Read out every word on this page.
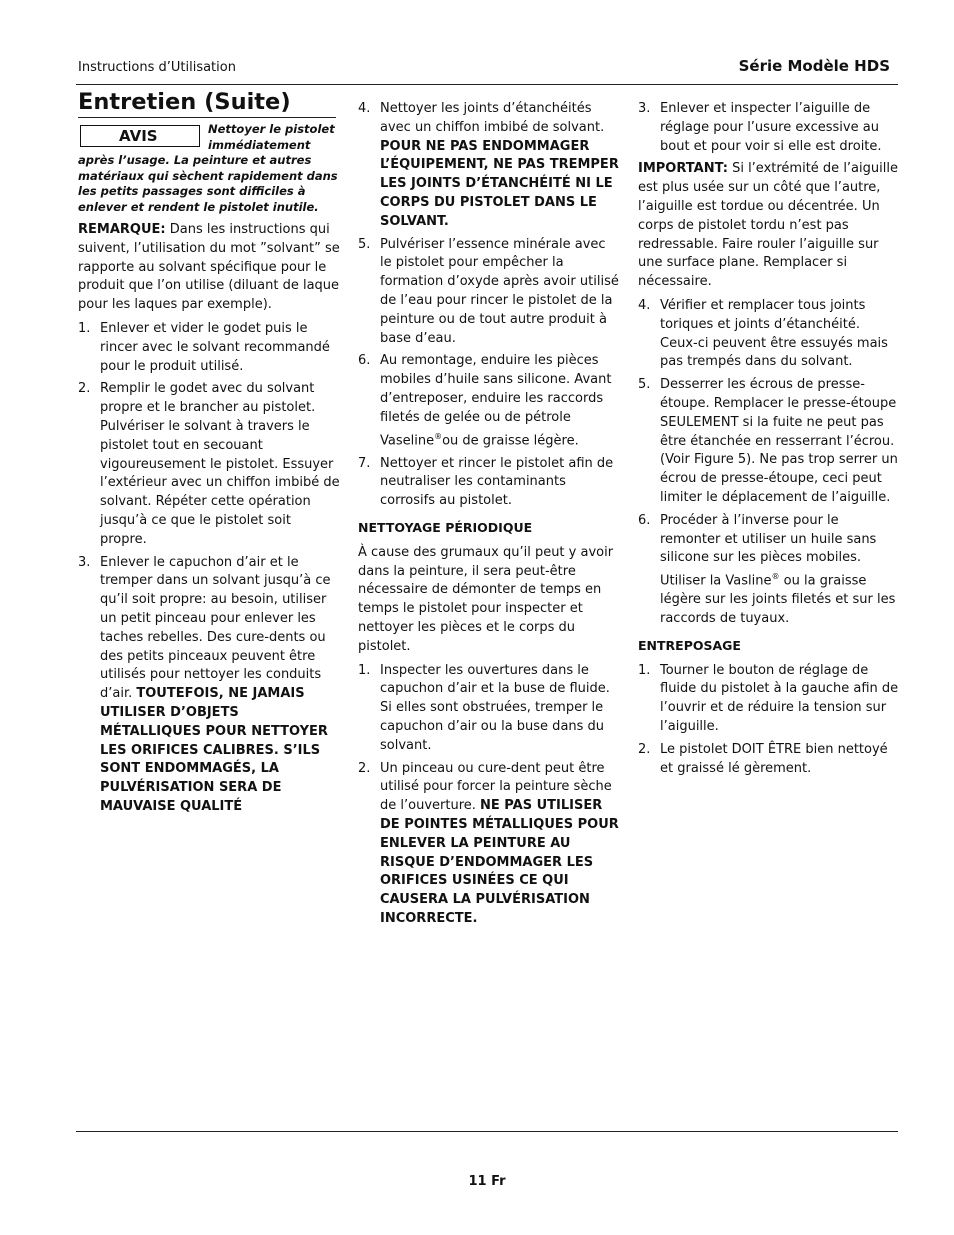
Instructions d’Utilisation	Série Modèle HDS
Entretien (Suite)
AVIS	Nettoyer le pistolet immédiatement après l’usage. La peinture et autres matériaux qui sèchent rapidement dans les petits passages sont difficiles à enlever et rendent le pistolet inutile.

REMARQUE: Dans les instructions qui suivent, l’utilisation du mot ”solvant” se rapporte au solvant spécifique pour le produit que l’on utilise (diluant de laque pour les laques par exemple).

1. Enlever et vider le godet puis le rincer avec le solvant recommandé pour le produit utilisé.
2. Remplir le godet avec du solvant propre et le brancher au pistolet. Pulvériser le solvant à travers le pistolet tout en secouant vigoureusement le pistolet. Essuyer l’extérieur avec un chiffon imbibé de solvant. Répéter cette opération jusqu’à ce que le pistolet soit propre.
3. Enlever le capuchon d’air et le tremper dans un solvant jusqu’à ce qu’il soit propre: au besoin, utiliser un petit pinceau pour enlever les taches rebelles. Des cure-dents ou des petits pinceaux peuvent être utilisés pour nettoyer les conduits d’air. TOUTEFOIS, NE JAMAIS UTILISER D’OBJETS MÉTALLIQUES POUR NETTOYER LES ORIFICES CALIBRES. S’ILS SONT ENDOMMAGÉS, LA PULVÉRISATION SERA DE MAUVAISE QUALITÉ
4. Nettoyer les joints d’étanchéités avec un chiffon imbibé de solvant. POUR NE PAS ENDOMMAGER L’ÉQUIPEMENT, NE PAS TREMPER LES JOINTS D’ÉTANCHÉITÉ NI LE CORPS DU PISTOLET DANS LE SOLVANT.
5. Pulvériser l’essence minérale avec le pistolet pour empêcher la formation d’oxyde après avoir utilisé de l’eau pour rincer le pistolet de la peinture ou de tout autre produit à base d’eau.
6. Au remontage, enduire les pièces mobiles d’huile sans silicone. Avant d’entreposer, enduire les raccords filetés de gelée ou de pétrole Vaseline®ou de graisse légère.
7. Nettoyer et rincer le pistolet afin de neutraliser les contaminants corrosifs au pistolet.
NETTOYAGE PÉRIODIQUE

À cause des grumaux qu’il peut y avoir dans la peinture, il sera peut-être nécessaire de démonter de temps en temps le pistolet pour inspecter et nettoyer les pièces et le corps du pistolet.

1. Inspecter les ouvertures dans le capuchon d’air et la buse de fluide. Si elles sont obstruées, tremper le capuchon d’air ou la buse dans du solvant.
2. Un pinceau ou cure-dent peut être utilisé pour forcer la peinture sèche de l’ouverture. NE PAS UTILISER DE POINTES MÉTALLIQUES POUR ENLEVER LA PEINTURE AU RISQUE D’ENDOMMAGER LES ORIFICES USINÉES CE QUI CAUSERA LA PULVÉRISATION INCORRECTE.
3. Enlever et inspecter l’aiguille de réglage pour l’usure excessive au bout et pour voir si elle est droite.

IMPORTANT: Si l’extrémité de l’aiguille est plus usée sur un côté que l’autre, l’aiguille est tordue ou décentrée. Un corps de pistolet tordu n’est pas redressable. Faire rouler l’aiguille sur une surface plane. Remplacer si nécessaire.

4. Vérifier et remplacer tous joints toriques et joints d’étanchéité. Ceux-ci peuvent être essuyés mais pas trempés dans du solvant.
5. Desserrer les écrous de presse-étoupe. Remplacer le presse-étoupe SEULEMENT si la fuite ne peut pas être étanchée en resserrant l’écrou. (Voir Figure 5). Ne pas trop serrer un écrou de presse-étoupe, ceci peut limiter le déplacement de l’aiguille.
6. Procéder à l’inverse pour le remonter et utiliser un huile sans silicone sur les pièces mobiles. Utiliser la Vasline® ou la graisse légère sur les joints filetés et sur les raccords de tuyaux.
ENTREPOSAGE
1. Tourner le bouton de réglage de fluide du pistolet à la gauche afin de l’ouvrir et de réduire la tension sur l’aiguille.
2. Le pistolet DOIT ÊTRE bien nettoyé et graissé lé gèrement.
11 Fr
